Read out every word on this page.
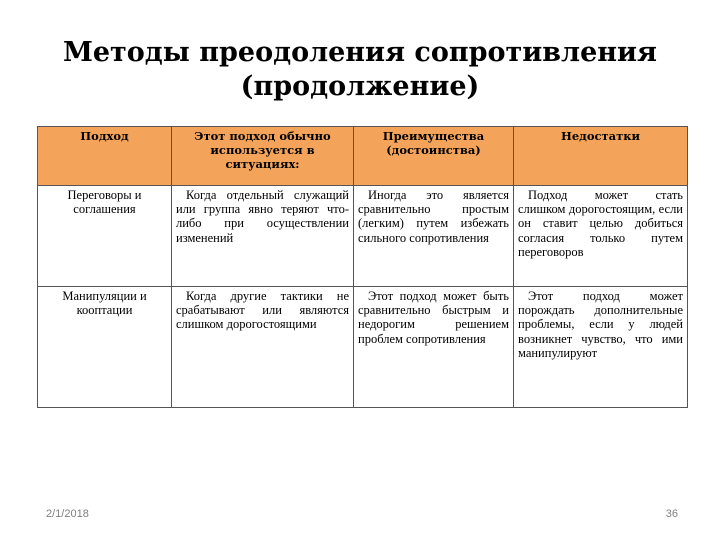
Методы преодоления сопротивления
(продолжение)
Подход	Этот подход обычно используется в ситуациях:	Преимущества (достоинства)	Недостатки
Переговоры и соглашения	Когда отдельный служащий или группа явно теряют что-либо при осуществлении изменений	Иногда это является сравнительно простым (легким) путем избежать сильного сопротивления	Подход может стать слишком дорогостоящим, если он ставит целью добиться согласия только путем переговоров
Манипуляции и кооптации	Когда другие тактики не срабатывают или являются слишком дорогостоящими	Этот подход может быть сравнительно быстрым и недорогим решением проблем сопротивления	Этот подход может порождать дополнительные проблемы, если у людей возникнет чувство, что ими манипулируют
2/1/2018	36
